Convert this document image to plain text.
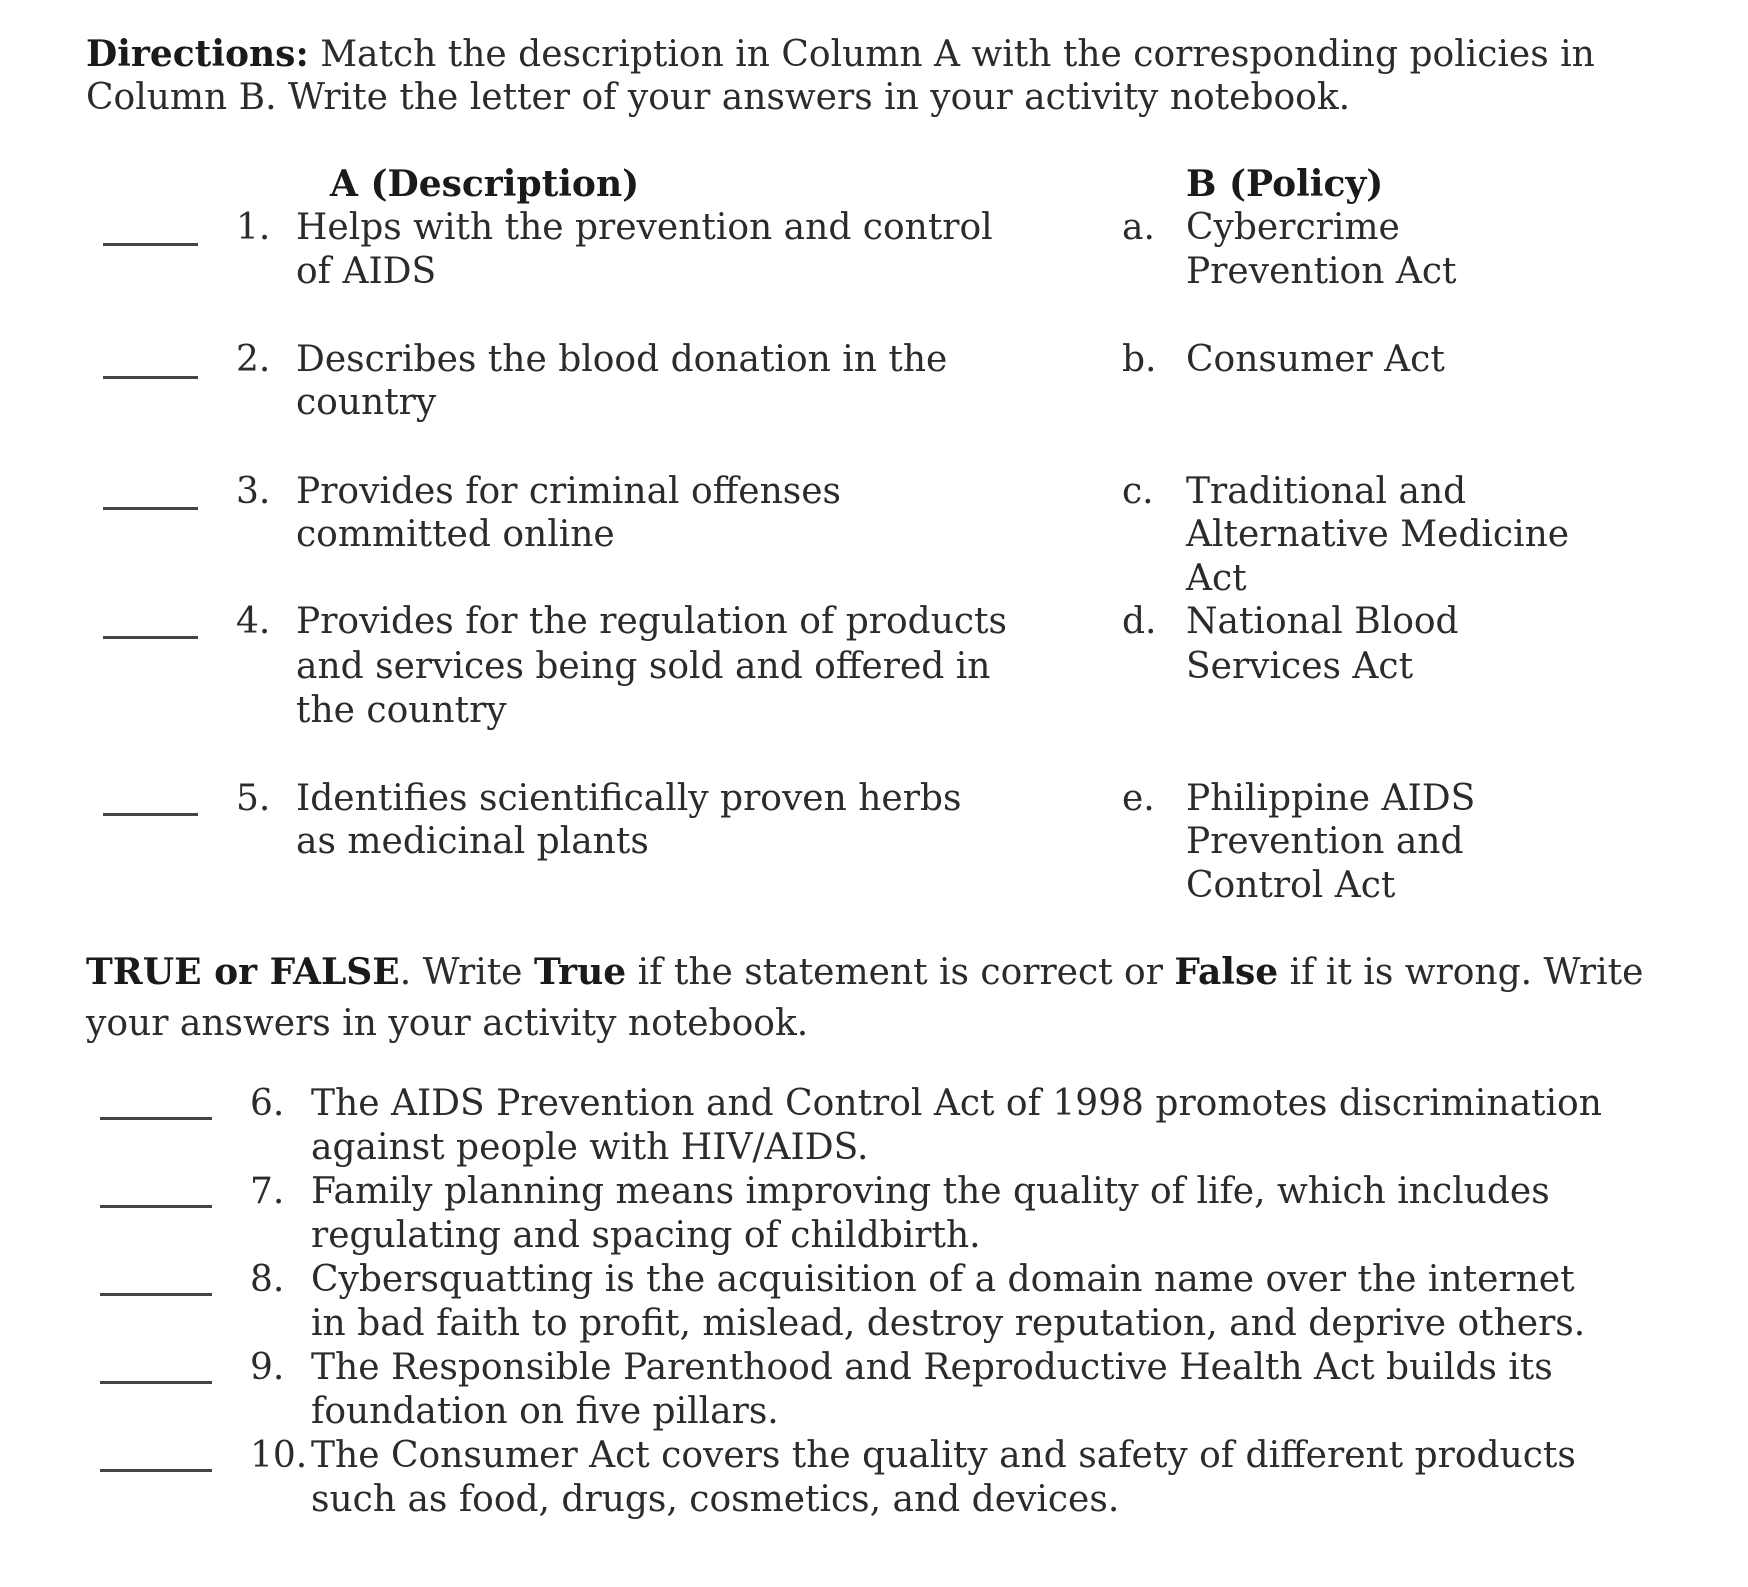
Directions: Match the description in Column A with the corresponding policies in
Column B. Write the letter of your answers in your activity notebook.
A (Description)	B (Policy)
1. Helps with the prevention and control
of AIDS
2. Describes the blood donation in the
country
3. Provides for criminal offenses
committed online
4. Provides for the regulation of products
and services being sold and offered in
the country
5. Identifies scientifically proven herbs
as medicinal plants
a. Cybercrime
Prevention Act
b. Consumer Act
c. Traditional and
Alternative Medicine
Act
d. National Blood
Services Act
e. Philippine AIDS
Prevention and
Control Act
TRUE or FALSE. Write True if the statement is correct or False if it is wrong. Write
your answers in your activity notebook.
6. The AIDS Prevention and Control Act of 1998 promotes discrimination
against people with HIV/AIDS.
7. Family planning means improving the quality of life, which includes
regulating and spacing of childbirth.
8. Cybersquatting is the acquisition of a domain name over the internet
in bad faith to profit, mislead, destroy reputation, and deprive others.
9. The Responsible Parenthood and Reproductive Health Act builds its
foundation on five pillars.
10. The Consumer Act covers the quality and safety of different products
such as food, drugs, cosmetics, and devices.
